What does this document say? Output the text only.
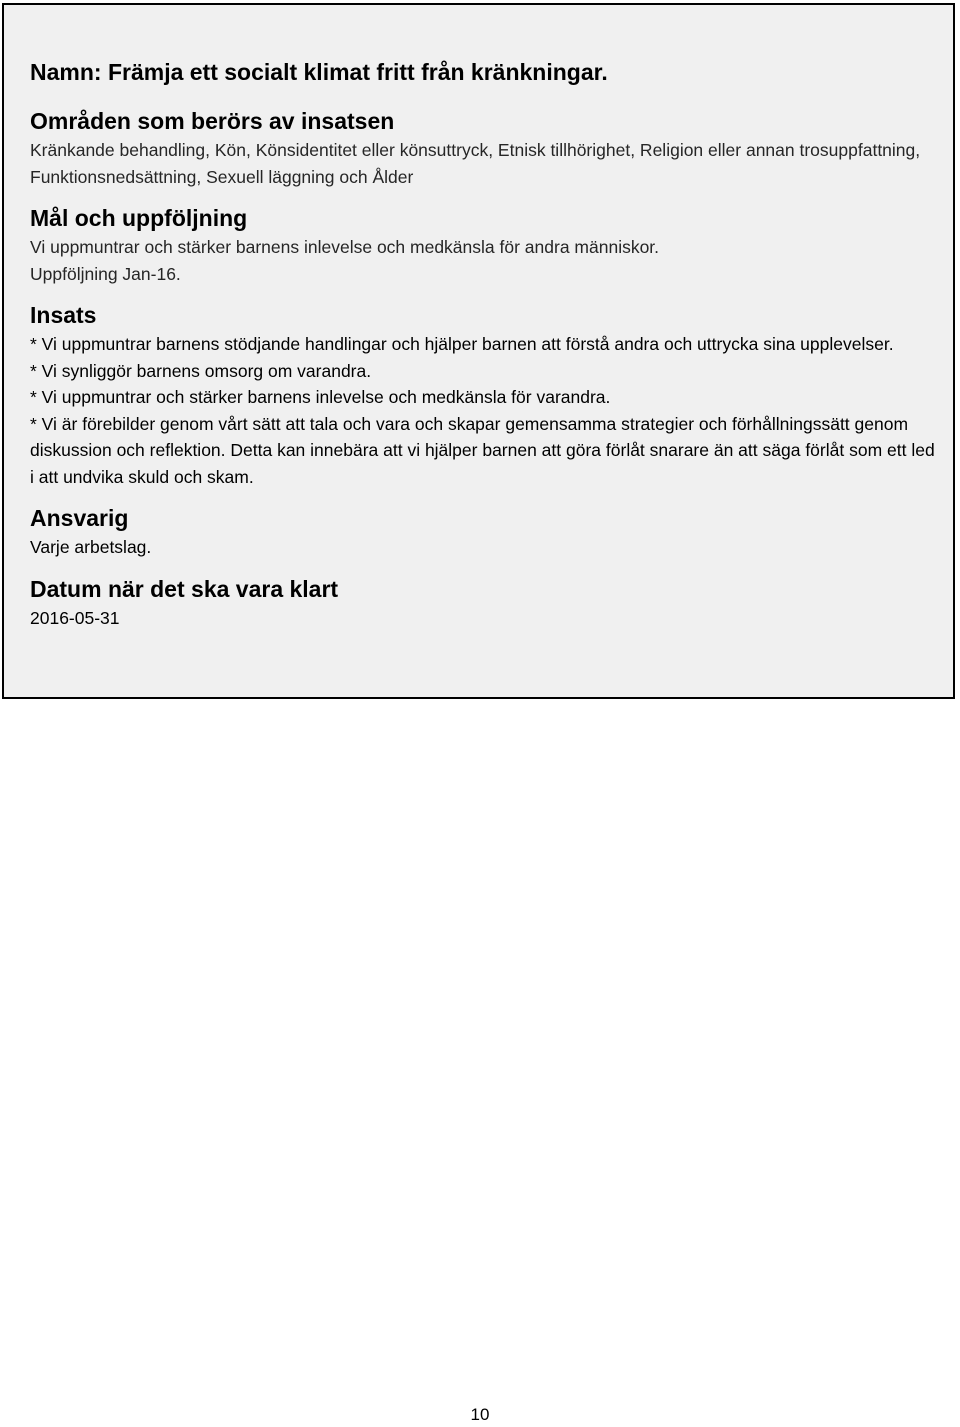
Namn: Främja ett socialt klimat fritt från kränkningar.
Områden som berörs av insatsen

Kränkande behandling, Kön, Könsidentitet eller könsuttryck, Etnisk tillhörighet, Religion eller annan trosuppfattning, Funktionsnedsättning, Sexuell läggning och Ålder

Mål och uppföljning

Vi uppmuntrar och stärker barnens inlevelse och medkänsla för andra människor.

Uppföljning Jan-16.

Insats

* Vi uppmuntrar barnens stödjande handlingar och hjälper barnen att förstå andra och uttrycka sina upplevelser.

* Vi synliggör barnens omsorg om varandra.

* Vi uppmuntrar och stärker barnens inlevelse och medkänsla för varandra.

* Vi är förebilder genom vårt sätt att tala och vara och skapar gemensamma strategier och förhållningssätt genom diskussion och reflektion. Detta kan innebära att vi hjälper barnen att göra förlåt snarare än att säga förlåt som ett led i att undvika skuld och skam.

Ansvarig

Varje arbetslag.

Datum när det ska vara klart

2016-05-31

10
